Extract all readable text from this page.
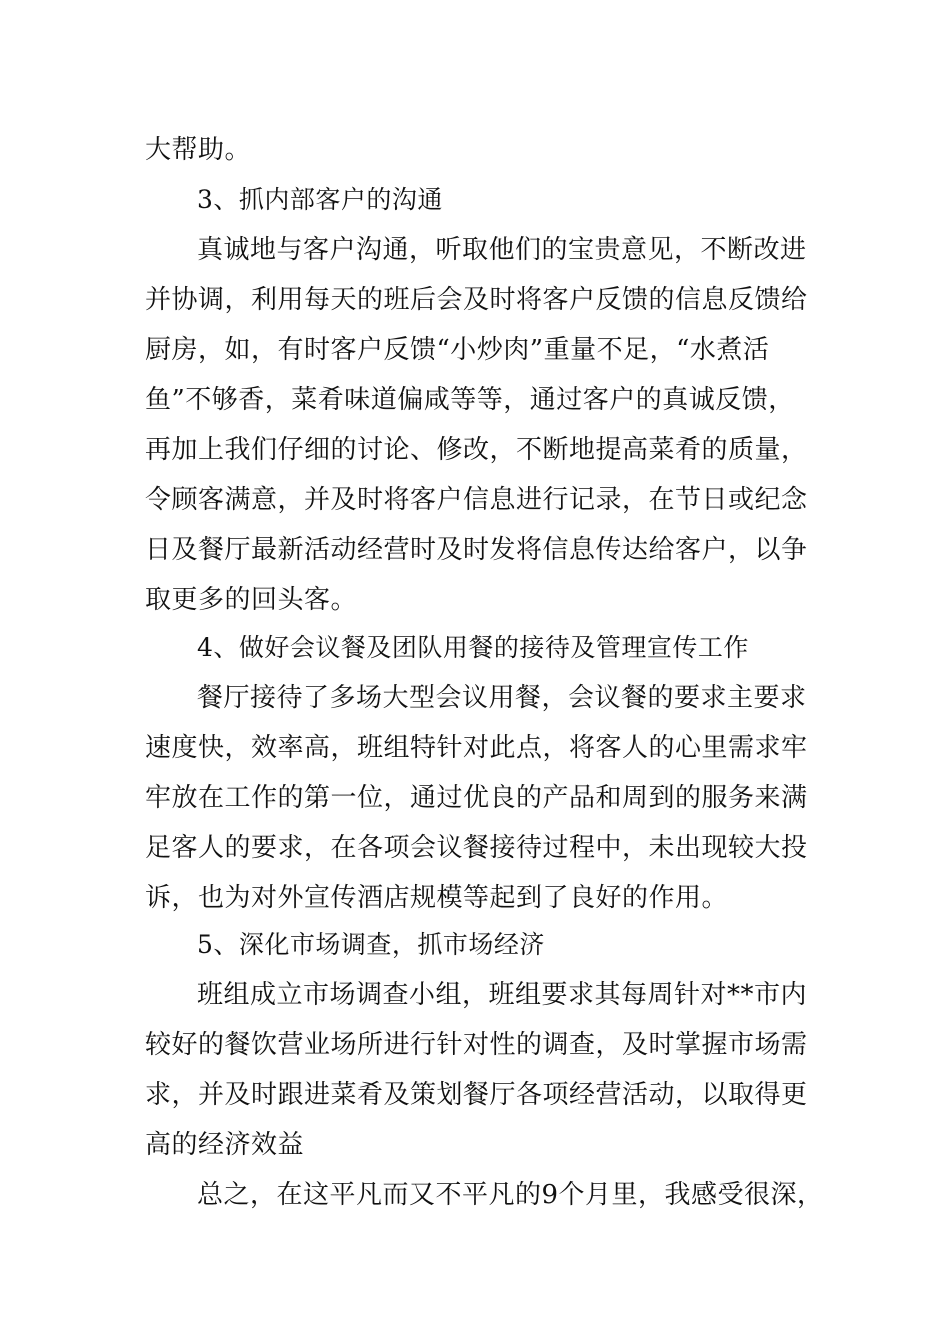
大帮助。
3、抓内部客户的沟通
真诚地与客户沟通，听取他们的宝贵意见，不断改进
并协调，利用每天的班后会及时将客户反馈的信息反馈给
厨房，如，有时客户反馈“小炒肉”重量不足，“水煮活
鱼”不够香，菜肴味道偏咸等等，通过客户的真诚反馈，
再加上我们仔细的讨论、修改，不断地提高菜肴的质量，
令顾客满意，并及时将客户信息进行记录，在节日或纪念
日及餐厅最新活动经营时及时发将信息传达给客户，以争
取更多的回头客。
4、做好会议餐及团队用餐的接待及管理宣传工作
餐厅接待了多场大型会议用餐，会议餐的要求主要求
速度快，效率高，班组特针对此点，将客人的心里需求牢
牢放在工作的第一位，通过优良的产品和周到的服务来满
足客人的要求，在各项会议餐接待过程中，未出现较大投
诉，也为对外宣传酒店规模等起到了良好的作用。
5、深化市场调查，抓市场经济
班组成立市场调查小组，班组要求其每周针对**市内
较好的餐饮营业场所进行针对性的调查，及时掌握市场需
求，并及时跟进菜肴及策划餐厅各项经营活动，以取得更
高的经济效益
总之，在这平凡而又不平凡的9个月里，我感受很深，
